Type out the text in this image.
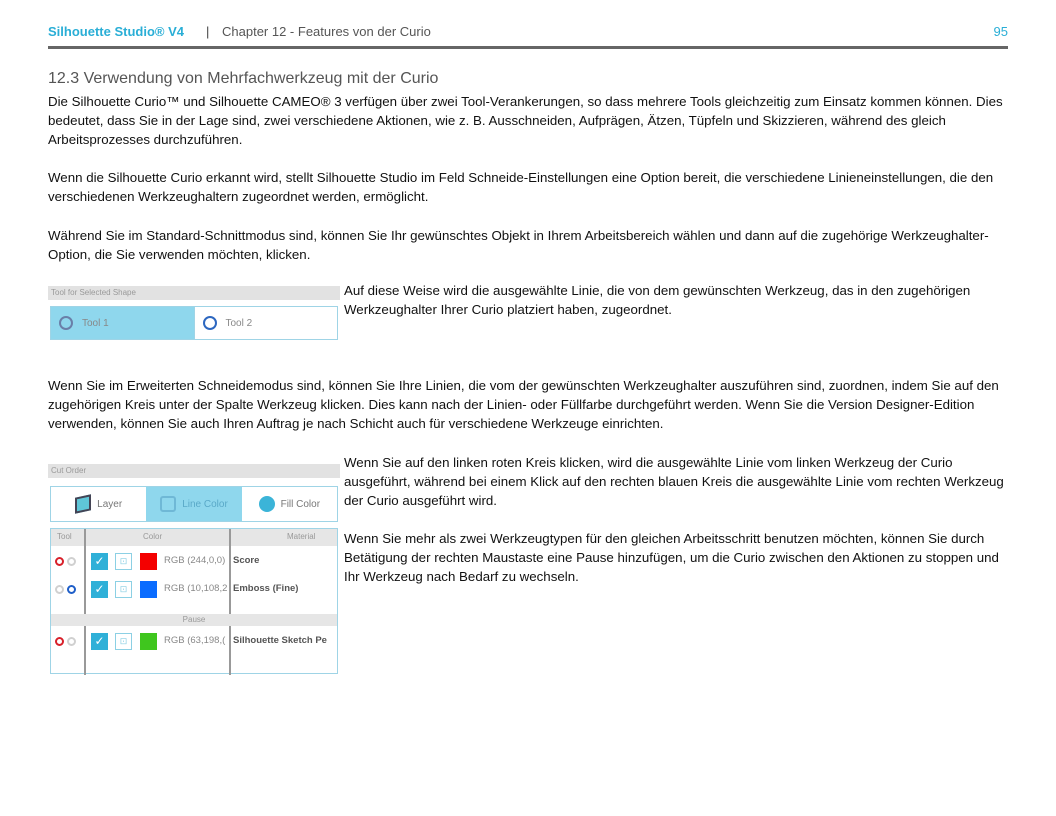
Silhouette Studio® V4 | Chapter 12 - Features von der Curio	95
12.3 Verwendung von Mehrfachwerkzeug mit der Curio
Die Silhouette Curio™ und Silhouette CAMEO® 3 verfügen über zwei Tool-Verankerungen, so dass mehrere Tools gleichzeitig zum Einsatz kommen können. Dies bedeutet, dass Sie in der Lage sind, zwei verschiedene Aktionen, wie z. B. Ausschneiden, Aufprägen, Ätzen, Tüpfeln und Skizzieren, während des gleich Arbeitsprozesses durchzuführen.
Wenn die Silhouette Curio erkannt wird, stellt Silhouette Studio im Feld Schneide-Einstellungen eine Option bereit, die verschiedene Linieneinstellungen, die den verschiedenen Werkzeughaltern zugeordnet werden, ermöglicht.
Während Sie im Standard-Schnittmodus sind, können Sie Ihr gewünschtes Objekt in Ihrem Arbeitsbereich wählen und dann auf die zugehörige Werkzeughalter-Option, die Sie verwenden möchten, klicken.
Tool for Selected Shape
Tool 1	Tool 2
Auf diese Weise wird die ausgewählte Linie, die von dem gewünschten Werkzeug, das in den zugehörigen Werkzeughalter Ihrer Curio platziert haben, zugeordnet.
Wenn Sie im Erweiterten Schneidemodus sind, können Sie Ihre Linien, die vom der gewünschten Werkzeughalter auszuführen sind, zuordnen, indem Sie auf den zugehörigen Kreis unter der Spalte Werkzeug klicken. Dies kann nach der Linien- oder Füllfarbe durchgeführt werden. Wenn Sie die Version Designer-Edition verwenden, können Sie auch Ihren Auftrag je nach Schicht auch für verschiedene Werkzeuge einrichten.
Cut Order
Layer	Line Color	Fill Color
Tool	Color	Material
✓	⊡	RGB (244,0,0) Score
✓	⊡	RGB (10,108,2 Emboss (Fine)
Pause
✓	⊡	RGB (63,198,( Silhouette Sketch Pe
Wenn Sie auf den linken roten Kreis klicken, wird die ausgewählte Linie vom linken Werkzeug der Curio ausgeführt, während bei einem Klick auf den rechten blauen Kreis die ausgewählte Linie vom rechten Werkzeug der Curio ausgeführt wird.
Wenn Sie mehr als zwei Werkzeugtypen für den gleichen Arbeitsschritt benutzen möchten, können Sie durch Betätigung der rechten Maustaste eine Pause hinzufügen, um die Curio zwischen den Aktionen zu stoppen und Ihr Werkzeug nach Bedarf zu wechseln.
